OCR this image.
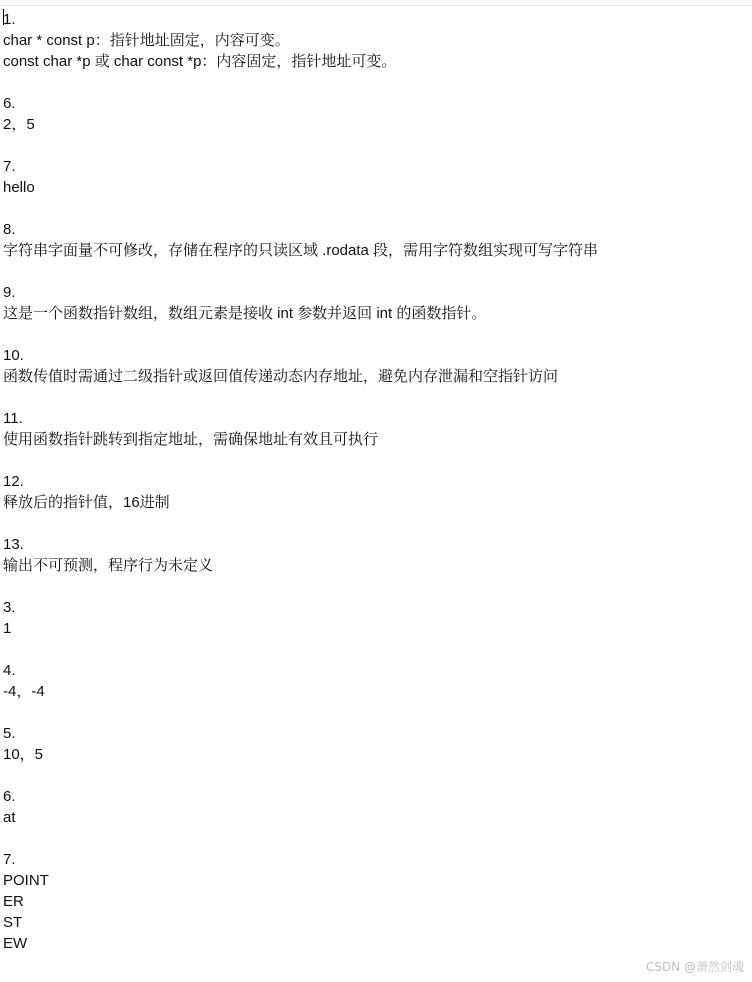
1.
char * const p：指针地址固定，内容可变。
const char *p 或 char const *p：内容固定，指针地址可变。
6.
2，5
7.
hello
8.
字符串字面量不可修改，存储在程序的只读区域 .rodata 段，需用字符数组实现可写字符串
9.
这是一个函数指针数组，数组元素是接收 int 参数并返回 int 的函数指针。
10.
函数传值时需通过二级指针或返回值传递动态内存地址，避免内存泄漏和空指针访问
11.
使用函数指针跳转到指定地址，需确保地址有效且可执行
12.
释放后的指针值，16进制
13.
输出不可预测，程序行为未定义
3.
1
4.
-4，-4
5.
10，5
6.
at
7.
POINT
ER
ST
EW
CSDN @萧然剑魂
